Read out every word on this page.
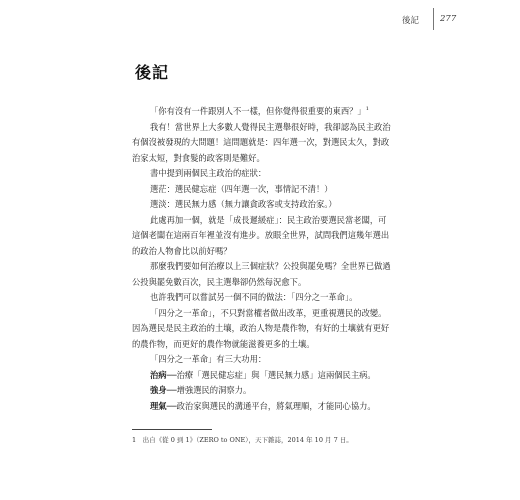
後記 277
後記

「你有沒有一件跟別人不一樣，但你覺得很重要的東西？」$^1$

我有！當世界上大多數人覺得民主選舉很好時，我卻認為民主政治有個沒被發現的大問題！這問題就是：四年選一次，對選民太久，對政治家太短，對食髮的政客則是難好。

書中提到兩個民主政治的症狀：

選茫：選民健忘症（四年選一次，事情記不清！）

選淡：選民無力感（無力讓貪政客或支持政治家。）

此處再加一個，就是「成長遲緩症」：民主政治要選民當老闆，可這個老闆在這兩百年裡並沒有進步。放眼全世界，試問我們這幾年選出的政治人物會比以前好嗎？

那麼我們要如何治療以上三個症狀？公投與罷免嗎？全世界已做過公投與罷免數百次，民主選舉卻仍然每況愈下。

也許我們可以嘗試另一個不同的做法：「四分之一革命」。

「四分之一革命」，不只對當權者做出改革，更重視選民的改變。因為選民是民主政治的土壤，政治人物是農作物，有好的土壤就有更好的農作物，而更好的農作物就能滋養更多的土壤。

「四分之一革命」有三大功用：

治病──治療「選民健忘症」與「選民無力感」這兩個民主病。

強身──增強選民的洞察力。

理氣──政治家與選民的溝通平台，將氣理順，才能同心協力。

1　出自《從 0 到 1》（ZERO to ONE），天下雜誌，2014 年 10 月 7 日。
